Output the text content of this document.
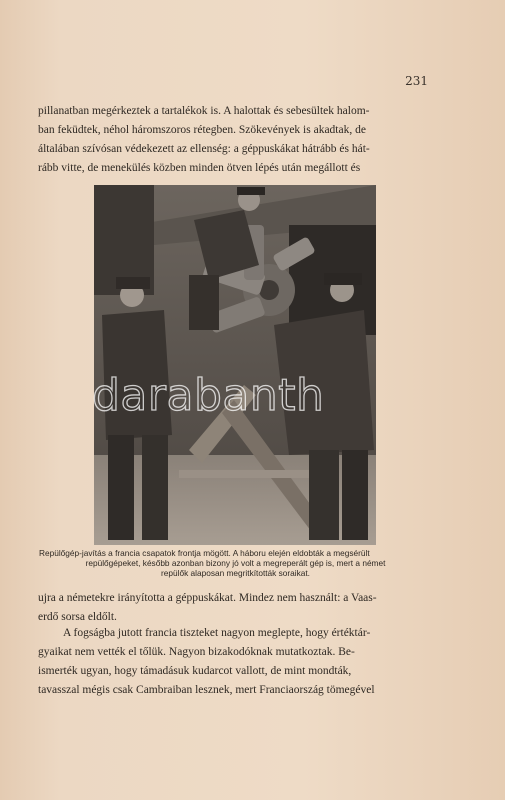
231
pillanatban megérkeztek a tartalékok is. A halottak és sebesültek halom-
ban feküdtek, néhol háromszoros rétegben. Szökevények is akadtak, de
általában szívósan védekezett az ellenség: a géppuskákat hátrább és hát-
rább vitte, de menekülés közben minden ötven lépés után megállott és
darabanth
Repülőgép-javítás a francia csapatok frontja mögött. A háboru elején eldobták a megsérült
repülőgépeket, később azonban bizony jó volt a megreperált gép is, mert a német
repülők alaposan megritkították soraikat.
ujra a németekre irányította a géppuskákat. Mindez nem használt: a Vaas-
erdő sorsa eldőlt.
A fogságba jutott francia tiszteket nagyon meglepte, hogy értéktár-
gyaikat nem vették el tőlük. Nagyon bizakodóknak mutatkoztak. Be-
ismerték ugyan, hogy támadásuk kudarcot vallott, de mint mondták,
tavasszal mégis csak Cambraiban lesznek, mert Franciaország tömegével
